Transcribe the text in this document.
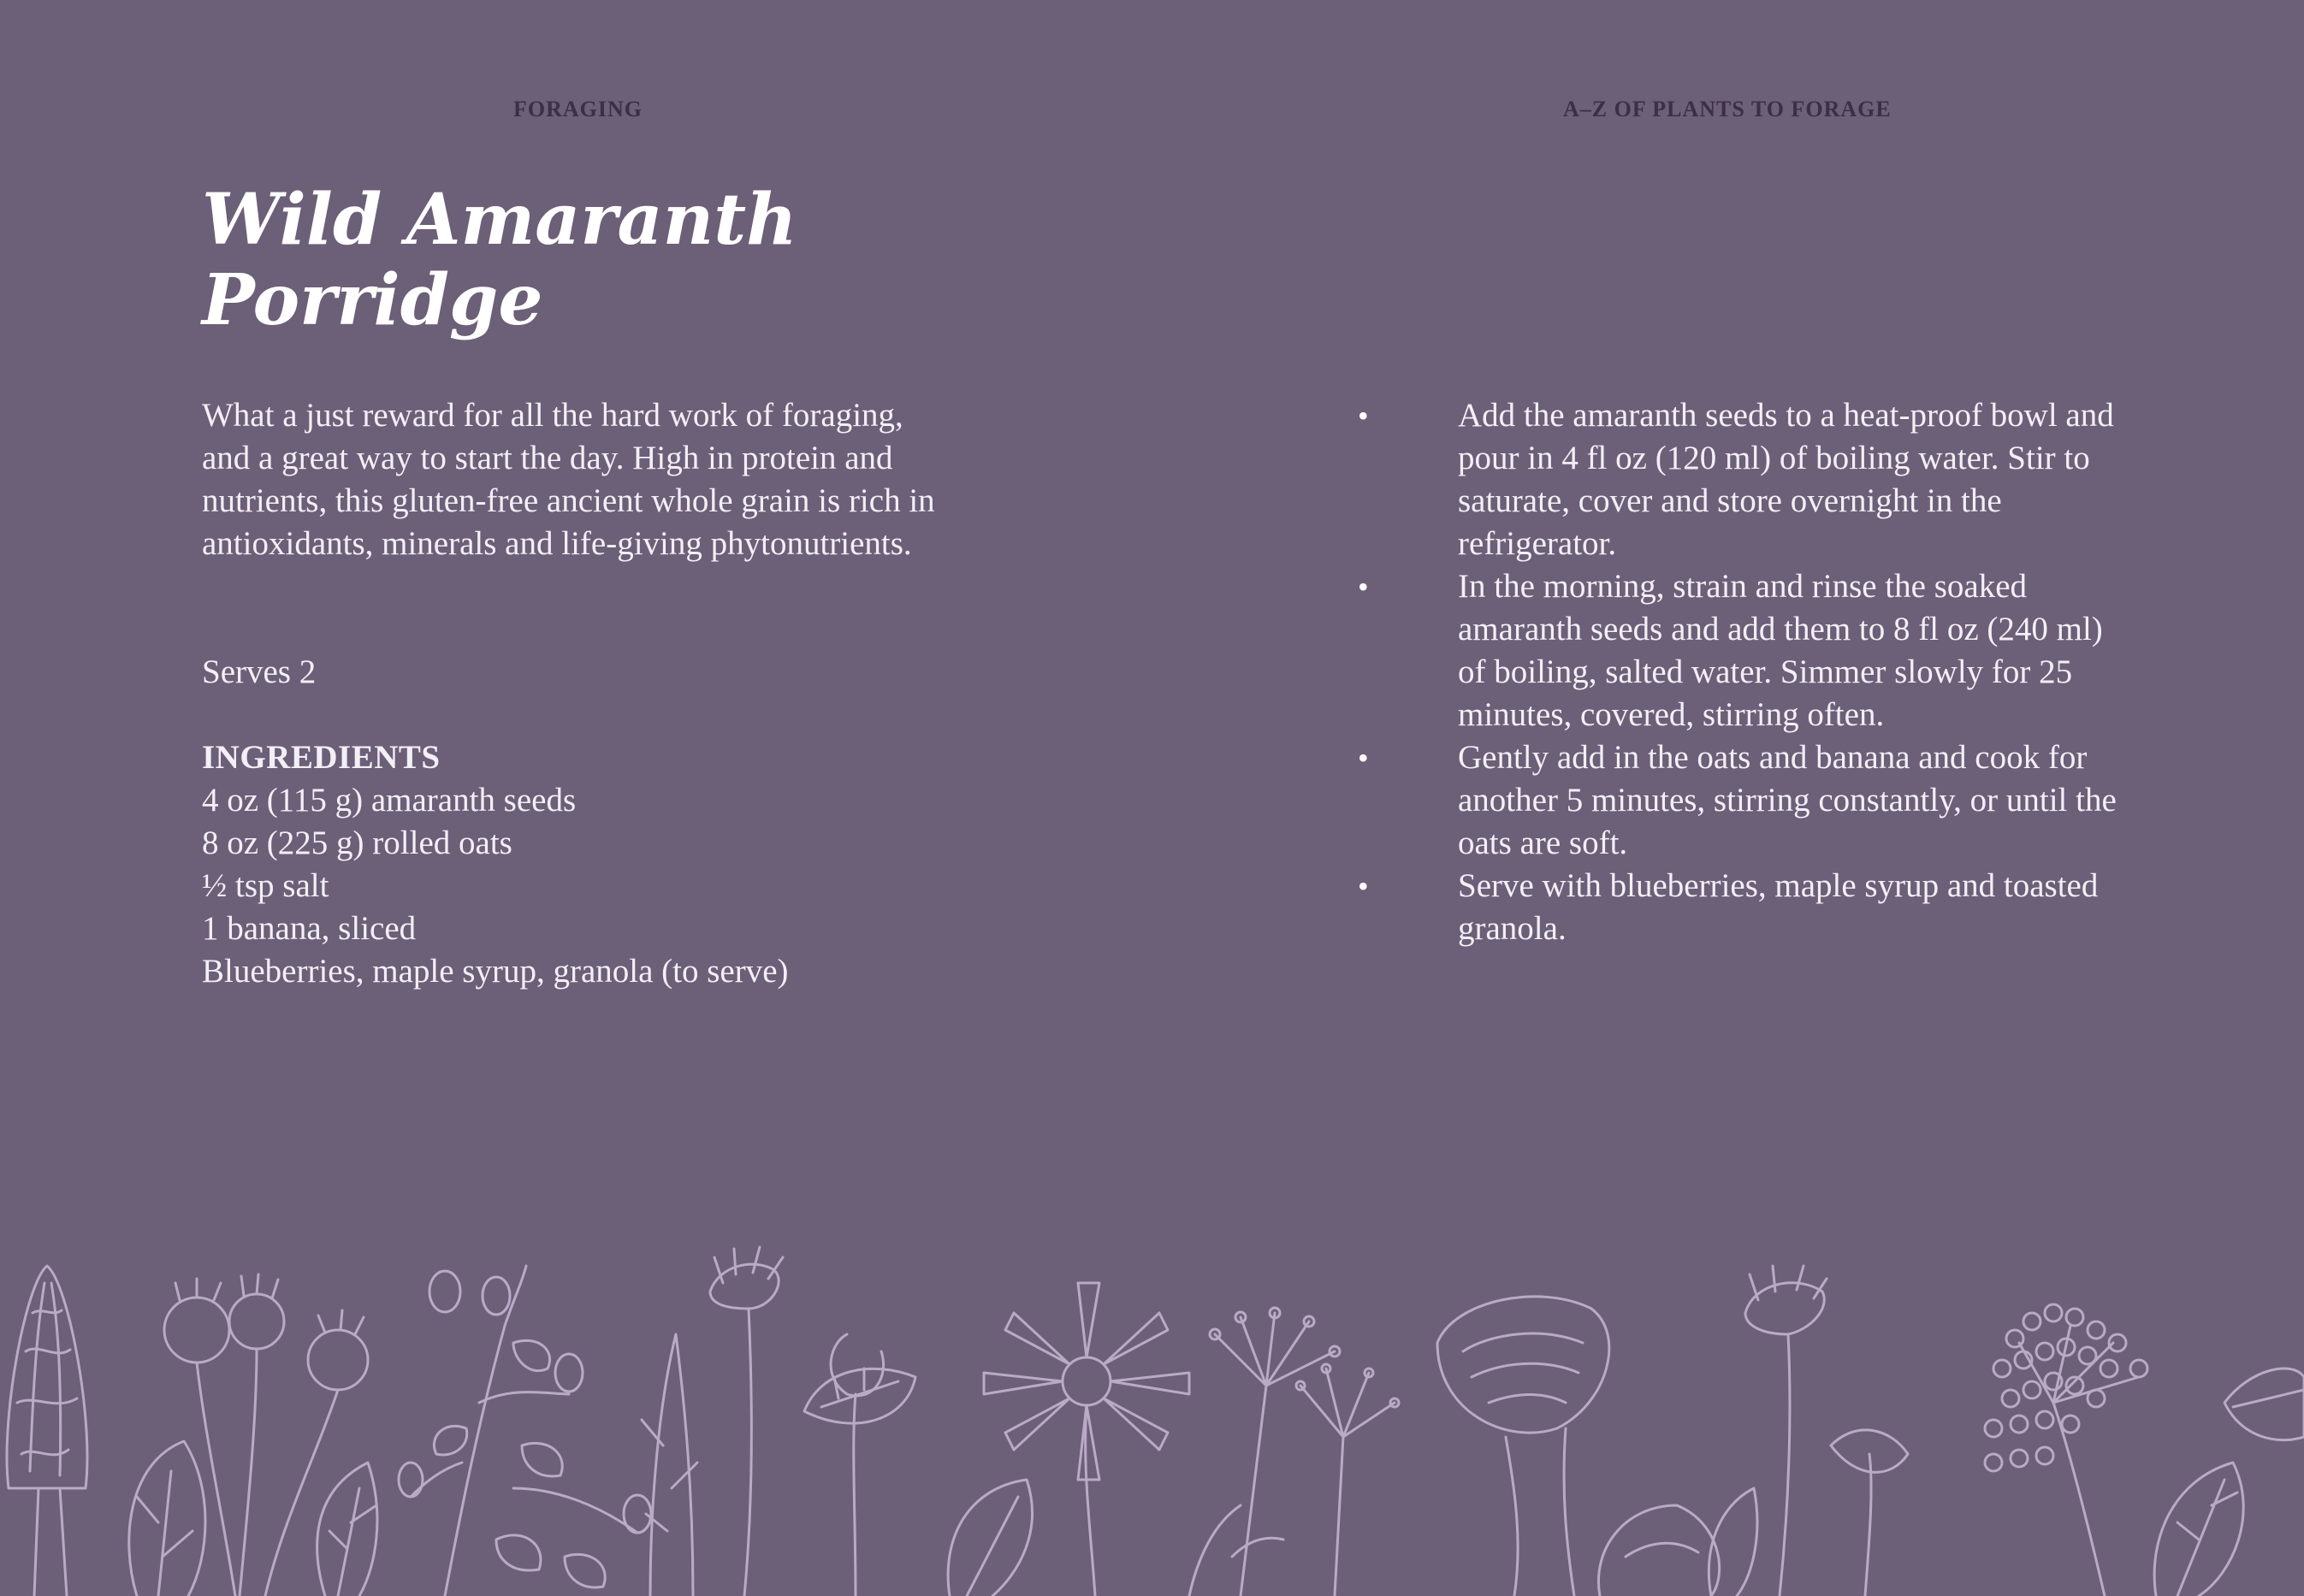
FORAGING
Wild Amaranth
Porridge

What a just reward for all the hard work of foraging, and a great way to start the day. High in protein and nutrients, this gluten-free ancient whole grain is rich in antioxidants, minerals and life-giving phytonutrients.

Serves 2

INGREDIENTS

4 oz (115 g) amaranth seeds
8 oz (225 g) rolled oats
½ tsp salt
1 banana, sliced
Blueberries, maple syrup, granola (to serve)
A–Z OF PLANTS TO FORAGE
•	Add the amaranth seeds to a heat-proof bowl and pour in 4 fl oz (120 ml) of boiling water. Stir to saturate, cover and store overnight in the refrigerator.
•	In the morning, strain and rinse the soaked amaranth seeds and add them to 8 fl oz (240 ml) of boiling, salted water. Simmer slowly for 25 minutes, covered, stirring often.
•	Gently add in the oats and banana and cook for another 5 minutes, stirring constantly, or until the oats are soft.
•	Serve with blueberries, maple syrup and toasted granola.
